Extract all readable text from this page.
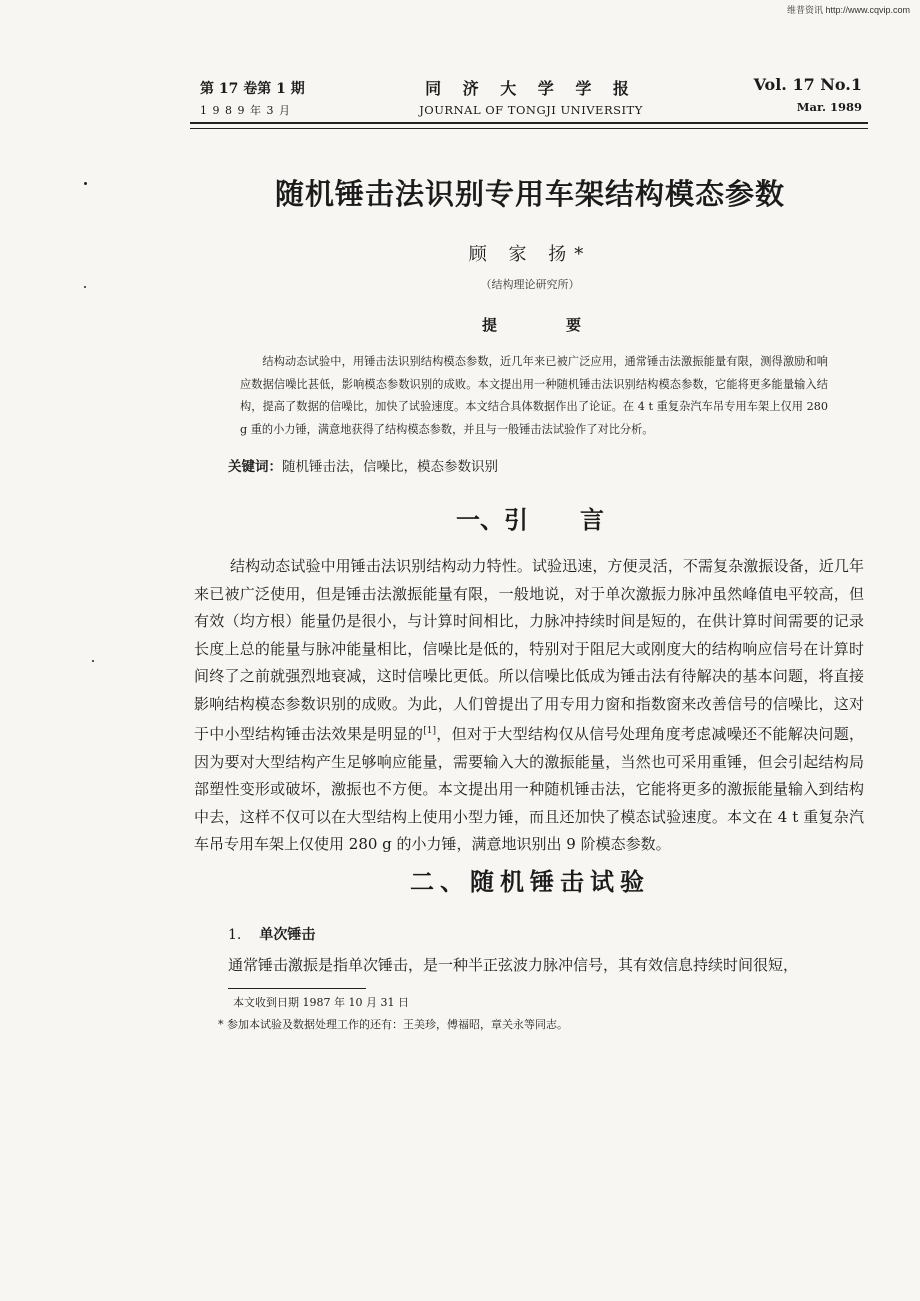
维普资讯 http://www.cqvip.com
第 17 卷第 1 期
1 9 8 9 年 3 月
同 济 大 学 学 报
JOURNAL OF TONGJI UNIVERSITY
Vol. 17 No.1
Mar. 1989
随机锤击法识别专用车架结构模态参数
顾 家 扬*
（结构理论研究所）
提	要
结构动态试验中，用锤击法识别结构模态参数，近几年来已被广泛应用，通常锤击法激振能量有限，测得激励和响应数据信噪比甚低，影响模态参数识别的成败。本文提出用一种随机锤击法识别结构模态参数，它能将更多能量输入结构，提高了数据的信噪比，加快了试验速度。本文结合具体数据作出了论证。在 4 t 重复杂汽车吊专用车架上仅用 280 g 重的小力锤，满意地获得了结构模态参数，并且与一般锤击法试验作了对比分析。
关键词：随机锤击法，信噪比，模态参数识别
一、引 言
结构动态试验中用锤击法识别结构动力特性。试验迅速，方便灵活，不需复杂激振设备，近几年来已被广泛使用，但是锤击法激振能量有限，一般地说，对于单次激振力脉冲虽然峰值电平较高，但有效（均方根）能量仍是很小，与计算时间相比，力脉冲持续时间是短的，在供计算时间需要的记录长度上总的能量与脉冲能量相比，信噪比是低的，特别对于阻尼大或刚度大的结构响应信号在计算时间终了之前就强烈地衰减，这时信噪比更低。所以信噪比低成为锤击法有待解决的基本问题，将直接影响结构模态参数识别的成败。为此，人们曾提出了用专用力窗和指数窗来改善信号的信噪比，这对于中小型结构锤击法效果是明显的[1]，但对于大型结构仅从信号处理角度考虑减噪还不能解决问题，因为要对大型结构产生足够响应能量，需要输入大的激振能量，当然也可采用重锤，但会引起结构局部塑性变形或破坏，激振也不方便。本文提出用一种随机锤击法，它能将更多的激振能量输入到结构中去，这样不仅可以在大型结构上使用小型力锤，而且还加快了模态试验速度。本文在 4 t 重复杂汽车吊专用车架上仅使用 280 g 的小力锤，满意地识别出 9 阶模态参数。
二、随机锤击试验
1. 单次锤击
通常锤击激振是指单次锤击，是一种半正弦波力脉冲信号，其有效信息持续时间很短，
本文收到日期 1987 年 10 月 31 日
* 参加本试验及数据处理工作的还有：王美珍，傅福昭，章关永等同志。
